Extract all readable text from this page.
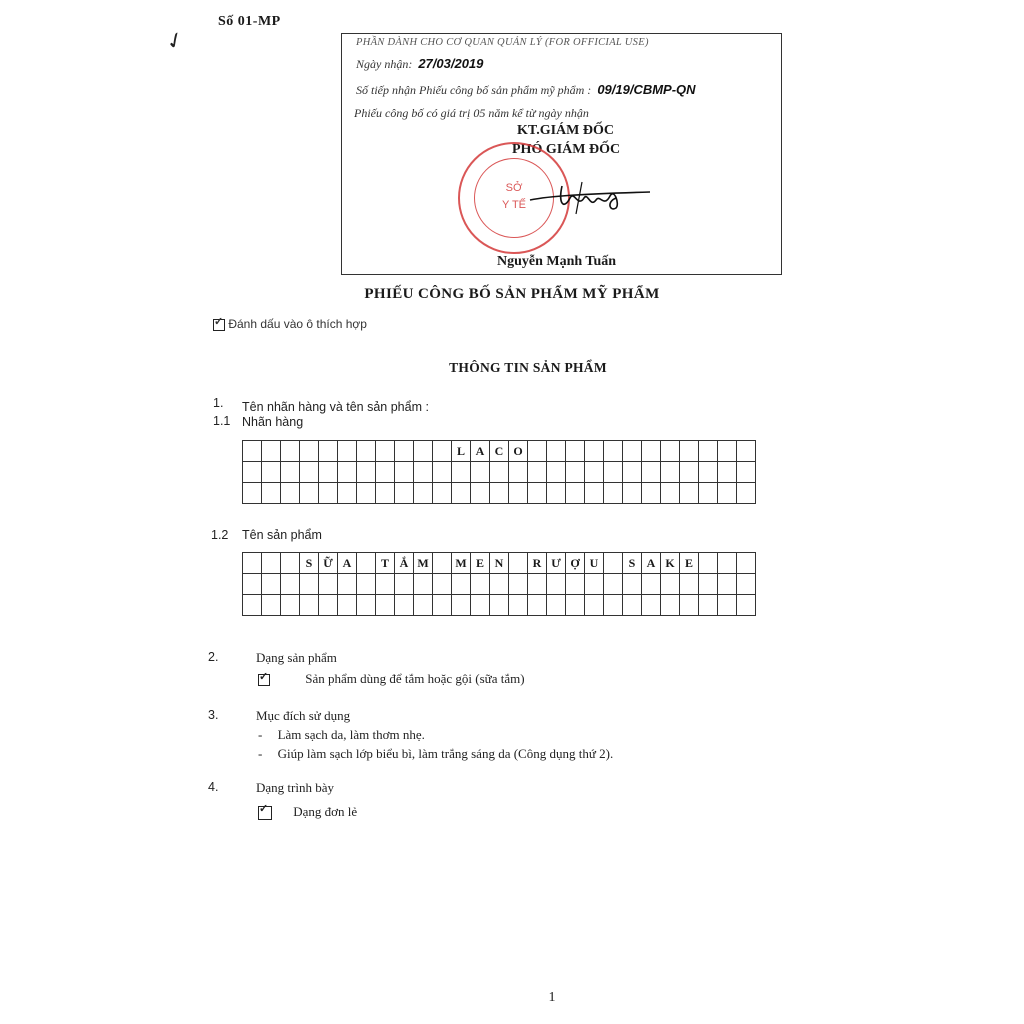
Số 01-MP
✓	PHẦN DÀNH CHO CƠ QUAN QUẢN LÝ (FOR OFFICIAL USE)
Ngày nhận: 27/03/2019
Số tiếp nhận Phiếu công bố sản phẩm mỹ phẩm : 09/19/CBMP-QN
Phiếu công bố có giá trị 05 năm kể từ ngày nhận
KT.GIÁM ĐỐC
PHÓ GIÁM ĐỐC
SỞ
Y TẾ
Nguyễn Mạnh Tuấn
PHIẾU CÔNG BỐ SẢN PHẨM MỸ PHẨM
✓ Đánh dấu vào ô thích hợp
THÔNG TIN SẢN PHẨM
1. Tên nhãn hàng và tên sản phẩm :
1.1 Nhãn hàng
L A C O
1.2 Tên sản phẩm
S Ữ A	T Ắ M	M E N	R Ư Ợ U	S A K E
2.	Dạng sản phẩm
✓ Sản phẩm dùng để tắm hoặc gội (sữa tắm)
3.	Mục đích sử dụng
- Làm sạch da, làm thơm nhẹ.
- Giúp làm sạch lớp biểu bì, làm trắng sáng da (Công dụng thứ 2).
4.	Dạng trình bày
✓ Dạng đơn lẻ
1
